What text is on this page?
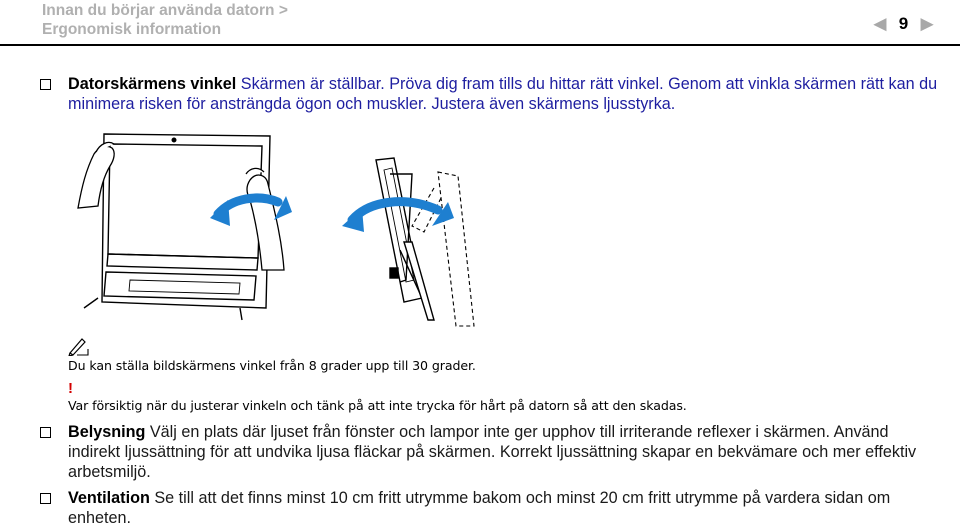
Innan du börjar använda datorn >
Ergonomisk information	◄ 9 ►
Datorskärmens vinkel Skärmen är ställbar. Pröva dig fram tills du hittar rätt vinkel. Genom att vinkla skärmen rätt kan du minimera risken för ansträngda ögon och muskler. Justera även skärmens ljusstyrka.
Du kan ställa bildskärmens vinkel från 8 grader upp till 30 grader.
!
Var försiktig när du justerar vinkeln och tänk på att inte trycka för hårt på datorn så att den skadas.
Belysning Välj en plats där ljuset från fönster och lampor inte ger upphov till irriterande reflexer i skärmen. Använd indirekt ljussättning för att undvika ljusa fläckar på skärmen. Korrekt ljussättning skapar en bekvämare och mer effektiv arbetsmiljö.
Ventilation Se till att det finns minst 10 cm fritt utrymme bakom och minst 20 cm fritt utrymme på vardera sidan om enheten.
